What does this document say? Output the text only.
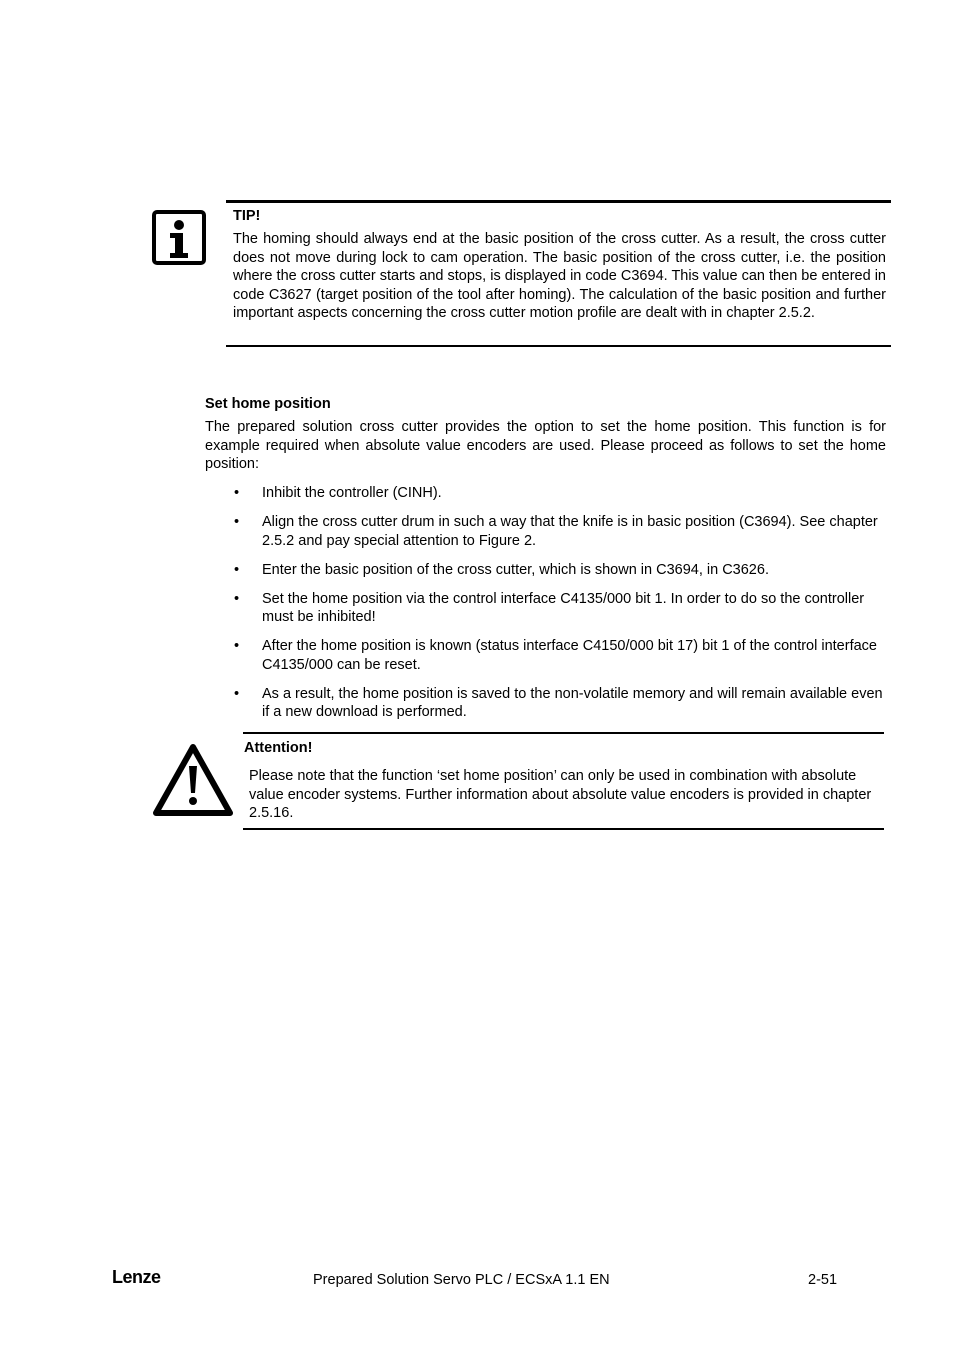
TIP!
The homing should always end at the basic position of the cross cutter. As a result, the cross cutter does not move during lock to cam operation. The basic position of the cross cutter, i.e. the position where the cross cutter starts and stops, is displayed in code C3694. This value can then be entered in code C3627 (target position of the tool after homing). The calculation of the basic position and further important aspects concerning the cross cutter motion profile are dealt with in chapter 2.5.2.
Set home position
The prepared solution cross cutter provides the option to set the home position. This function is for example required when absolute value encoders are used. Please proceed as follows to set the home position:
• Inhibit the controller (CINH).
• Align the cross cutter drum in such a way that the knife is in basic position (C3694). See chapter 2.5.2 and pay special attention to Figure 2.
• Enter the basic position of the cross cutter, which is shown in C3694, in C3626.
• Set the home position via the control interface C4135/000 bit 1. In order to do so the controller must be inhibited!
• After the home position is known (status interface C4150/000 bit 17) bit 1 of the control interface C4135/000 can be reset.
• As a result, the home position is saved to the non-volatile memory and will remain available even if a new download is performed.
Attention!
Please note that the function ‘set home position’ can only be used in combination with absolute value encoder systems. Further information about absolute value encoders is provided in chapter 2.5.16.
Lenze	Prepared Solution Servo PLC / ECSxA 1.1 EN	2-51
